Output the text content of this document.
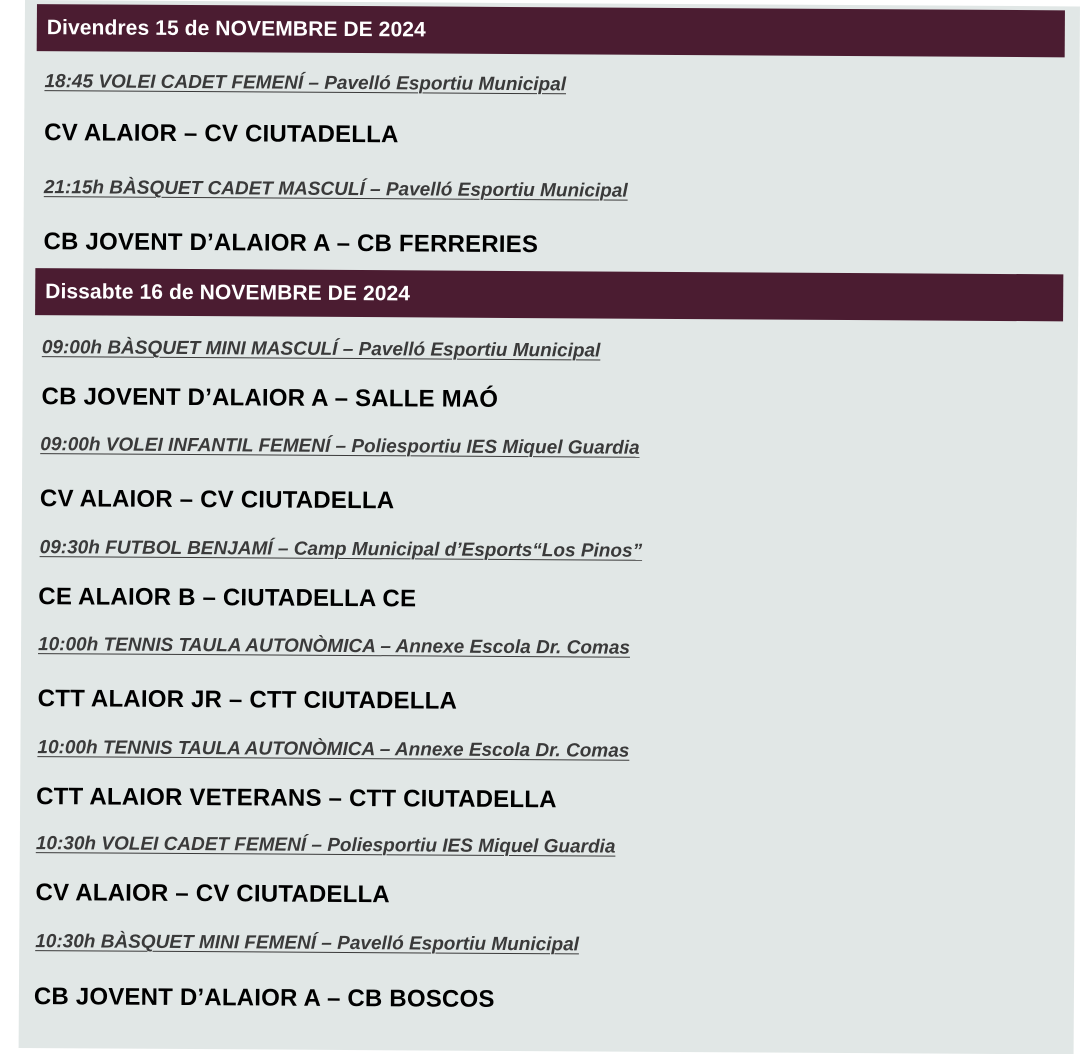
Divendres 15 de NOVEMBRE DE 2024
18:45 VOLEI CADET FEMENÍ – Pavelló Esportiu Municipal
CV ALAIOR – CV CIUTADELLA
21:15h BÀSQUET CADET MASCULÍ – Pavelló Esportiu Municipal
CB JOVENT D’ALAIOR A – CB FERRERIES
Dissabte 16 de NOVEMBRE DE 2024
09:00h BÀSQUET MINI MASCULÍ – Pavelló Esportiu Municipal
CB JOVENT D’ALAIOR A – SALLE MAÓ
09:00h VOLEI INFANTIL FEMENÍ – Poliesportiu IES Miquel Guardia
CV ALAIOR – CV CIUTADELLA
09:30h FUTBOL BENJAMÍ – Camp Municipal d’Esports“Los Pinos”
CE ALAIOR B – CIUTADELLA CE
10:00h TENNIS TAULA AUTONÒMICA – Annexe Escola Dr. Comas
CTT ALAIOR JR – CTT CIUTADELLA
10:00h TENNIS TAULA AUTONÒMICA – Annexe Escola Dr. Comas
CTT ALAIOR VETERANS – CTT CIUTADELLA
10:30h VOLEI CADET FEMENÍ – Poliesportiu IES Miquel Guardia
CV ALAIOR – CV CIUTADELLA
10:30h BÀSQUET MINI FEMENÍ – Pavelló Esportiu Municipal
CB JOVENT D’ALAIOR A – CB BOSCOS
